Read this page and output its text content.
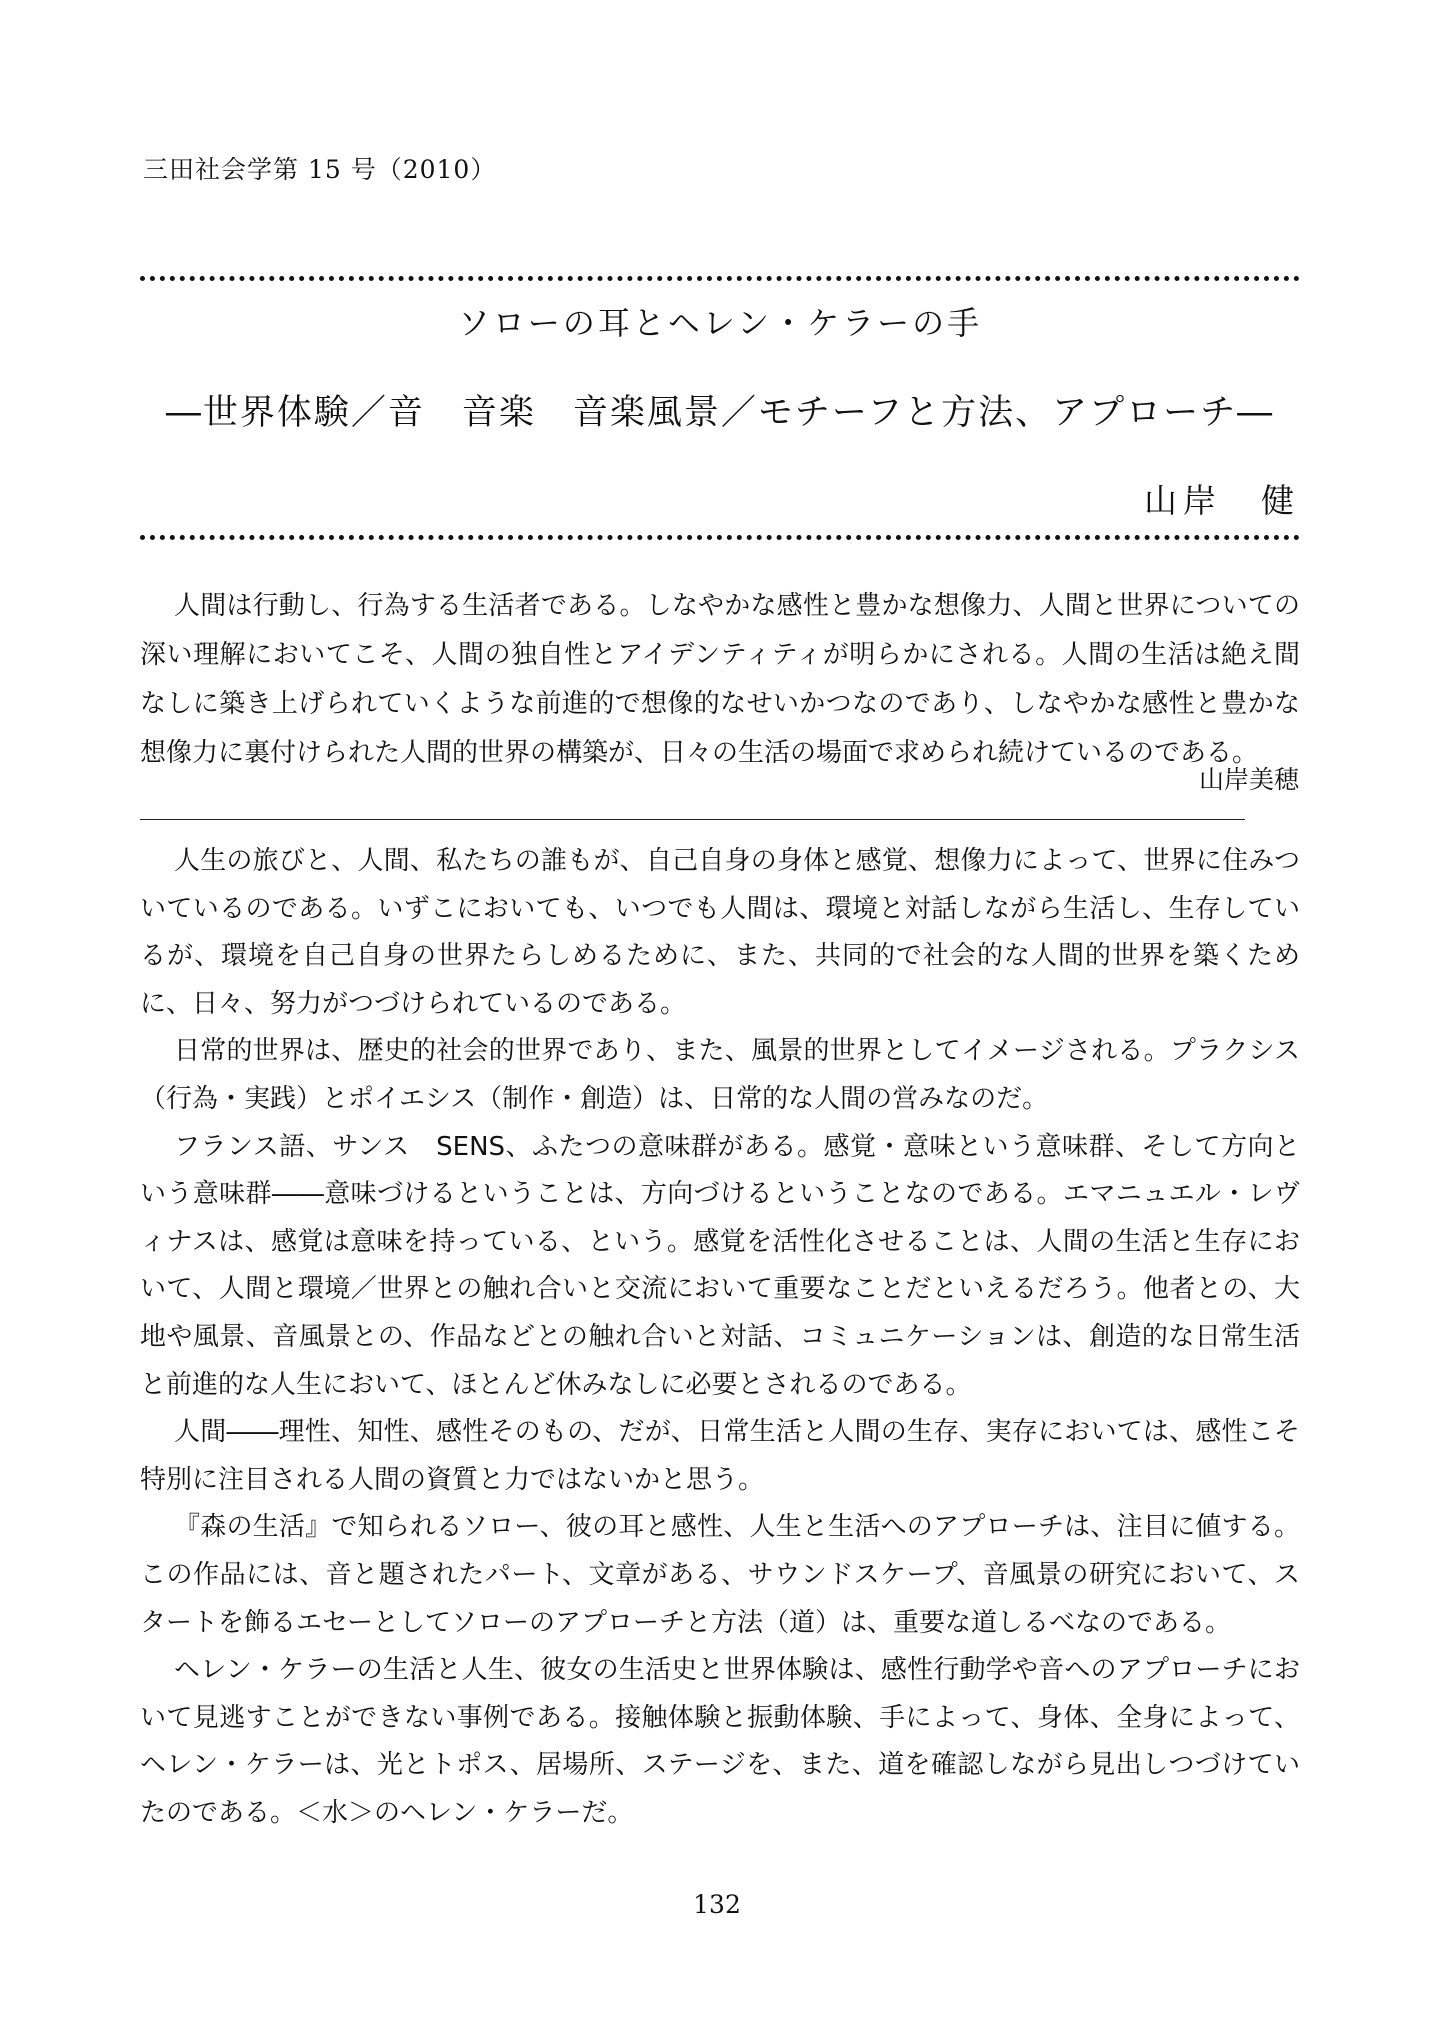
三田社会学第 15 号（2010）
ソローの耳とヘレン・ケラーの手
―世界体験／音　音楽　音楽風景／モチーフと方法、アプローチ―
山岸　健
人間は行動し、行為する生活者である。しなやかな感性と豊かな想像力、人間と世界についての深い理解においてこそ、人間の独自性とアイデンティティが明らかにされる。人間の生活は絶え間なしに築き上げられていくような前進的で想像的なせいかつなのであり、しなやかな感性と豊かな想像力に裏付けられた人間的世界の構築が、日々の生活の場面で求められ続けているのである。
山岸美穂

人生の旅びと、人間、私たちの誰もが、自己自身の身体と感覚、想像力によって、世界に住みついているのである。いずこにおいても、いつでも人間は、環境と対話しながら生活し、生存しているが、環境を自己自身の世界たらしめるために、また、共同的で社会的な人間的世界を築くために、日々、努力がつづけられているのである。

日常的世界は、歴史的社会的世界であり、また、風景的世界としてイメージされる。プラクシス（行為・実践）とポイエシス（制作・創造）は、日常的な人間の営みなのだ。

フランス語、サンス　SENS、ふたつの意味群がある。感覚・意味という意味群、そして方向という意味群――意味づけるということは、方向づけるということなのである。エマニュエル・レヴィナスは、感覚は意味を持っている、という。感覚を活性化させることは、人間の生活と生存において、人間と環境／世界との触れ合いと交流において重要なことだといえるだろう。他者との、大地や風景、音風景との、作品などとの触れ合いと対話、コミュニケーションは、創造的な日常生活と前進的な人生において、ほとんど休みなしに必要とされるのである。

人間――理性、知性、感性そのもの、だが、日常生活と人間の生存、実存においては、感性こそ特別に注目される人間の資質と力ではないかと思う。

『森の生活』で知られるソロー、彼の耳と感性、人生と生活へのアプローチは、注目に値する。この作品には、音と題されたパート、文章がある、サウンドスケープ、音風景の研究において、スタートを飾るエセーとしてソローのアプローチと方法（道）は、重要な道しるべなのである。

ヘレン・ケラーの生活と人生、彼女の生活史と世界体験は、感性行動学や音へのアプローチにおいて見逃すことができない事例である。接触体験と振動体験、手によって、身体、全身によって、ヘレン・ケラーは、光とトポス、居場所、ステージを、また、道を確認しながら見出しつづけていたのである。＜水＞のヘレン・ケラーだ。

132
